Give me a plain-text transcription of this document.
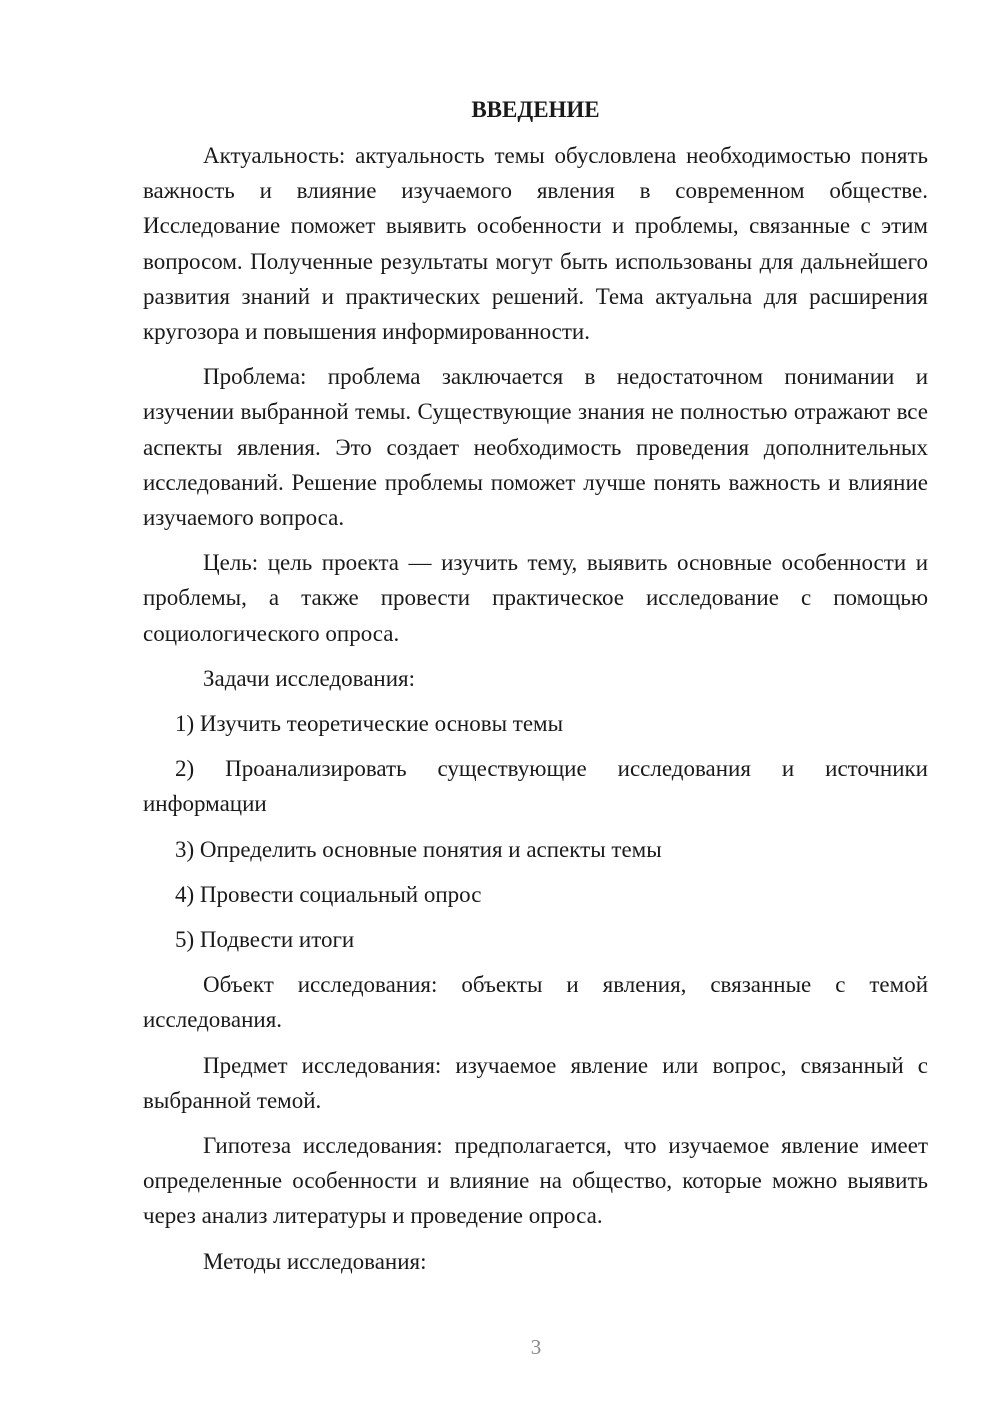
ВВЕДЕНИЕ

Актуальность: актуальность темы обусловлена необходимостью понять важность и влияние изучаемого явления в современном обществе. Исследование поможет выявить особенности и проблемы, связанные с этим вопросом. Полученные результаты могут быть использованы для дальнейшего развития знаний и практических решений. Тема актуальна для расширения кругозора и повышения информированности.

Проблема: проблема заключается в недостаточном понимании и изучении выбранной темы. Существующие знания не полностью отражают все аспекты явления. Это создает необходимость проведения дополнительных исследований. Решение проблемы поможет лучше понять важность и влияние изучаемого вопроса.

Цель: цель проекта — изучить тему, выявить основные особенности и проблемы, а также провести практическое исследование с помощью социологического опроса.

Задачи исследования:

1) Изучить теоретические основы темы

2) Проанализировать существующие исследования и источники информации

3) Определить основные понятия и аспекты темы

4) Провести социальный опрос

5) Подвести итоги

Объект исследования: объекты и явления, связанные с темой исследования.

Предмет исследования: изучаемое явление или вопрос, связанный с выбранной темой.

Гипотеза исследования: предполагается, что изучаемое явление имеет определенные особенности и влияние на общество, которые можно выявить через анализ литературы и проведение опроса.

Методы исследования:

3
